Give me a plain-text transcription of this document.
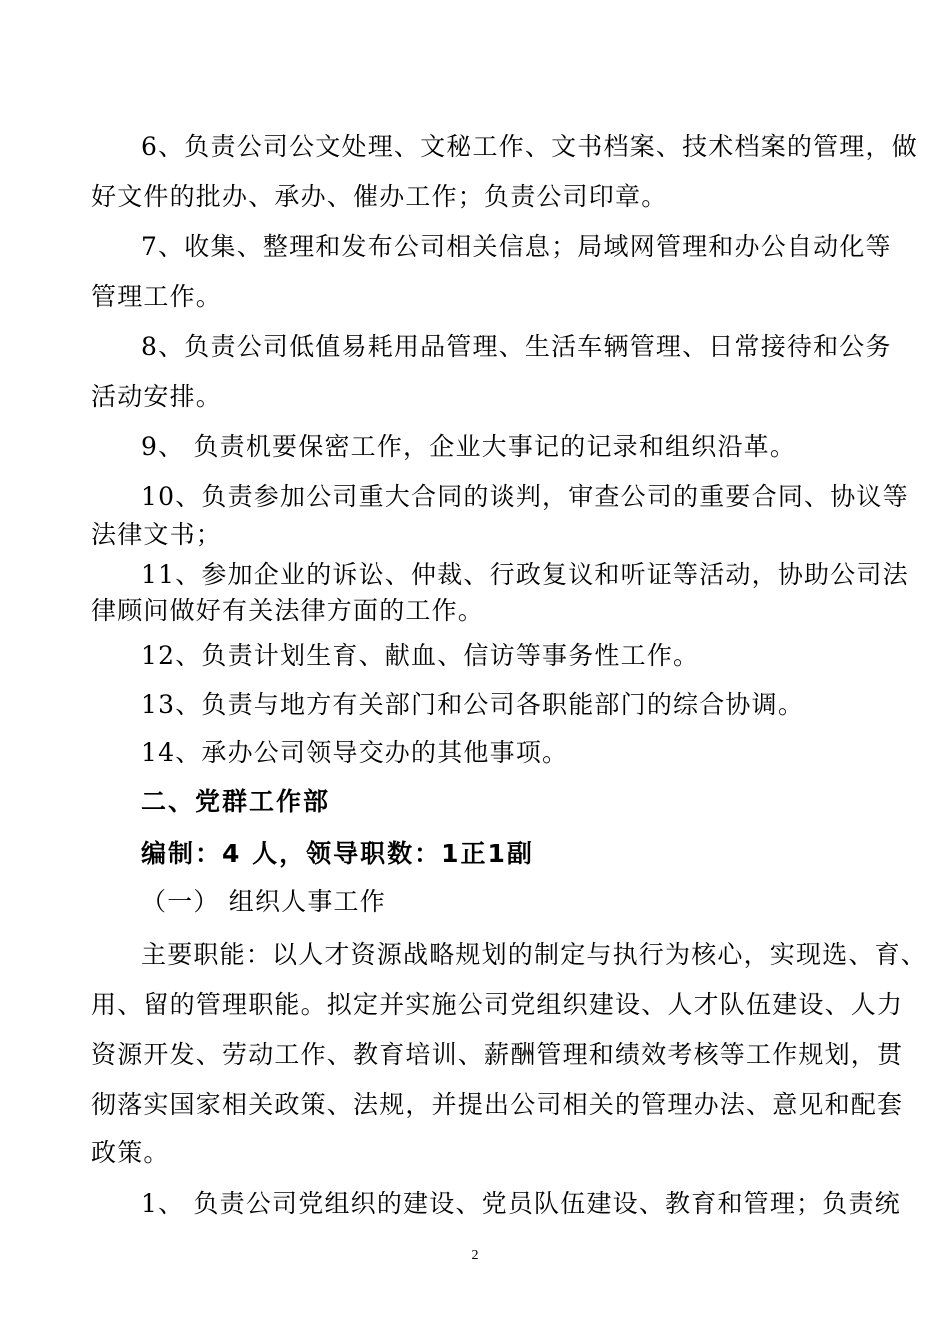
6、负责公司公文处理、文秘工作、文书档案、技术档案的管理，做
好文件的批办、承办、催办工作；负责公司印章。
7、收集、整理和发布公司相关信息；局域网管理和办公自动化等
管理工作。
8、负责公司低值易耗用品管理、生活车辆管理、日常接待和公务
活动安排。
9、 负责机要保密工作，企业大事记的记录和组织沿革。
10、负责参加公司重大合同的谈判，审查公司的重要合同、协议等
法律文书；
11、参加企业的诉讼、仲裁、行政复议和听证等活动，协助公司法
律顾问做好有关法律方面的工作。
12、负责计划生育、献血、信访等事务性工作。
13、负责与地方有关部门和公司各职能部门的综合协调。
14、承办公司领导交办的其他事项。
二、党群工作部
编制：4 人，领导职数：1正1副
（一） 组织人事工作
主要职能：以人才资源战略规划的制定与执行为核心，实现选、育、
用、留的管理职能。拟定并实施公司党组织建设、人才队伍建设、人力
资源开发、劳动工作、教育培训、薪酬管理和绩效考核等工作规划，贯
彻落实国家相关政策、法规，并提出公司相关的管理办法、意见和配套
政策。
1、 负责公司党组织的建设、党员队伍建设、教育和管理；负责统
2
